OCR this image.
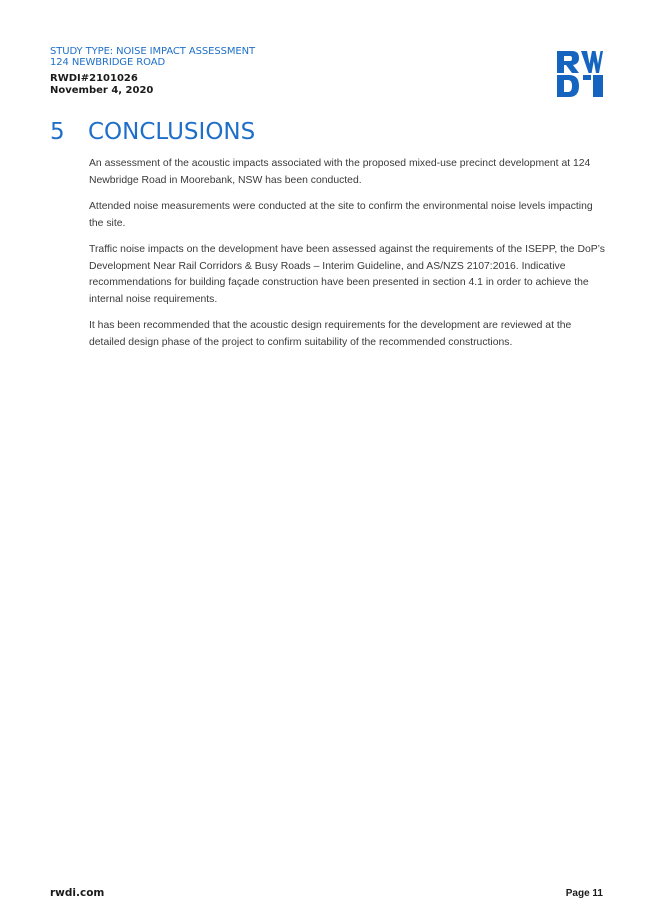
STUDY TYPE: NOISE IMPACT ASSESSMENT
124 NEWBRIDGE ROAD
RWDI#2101026
November 4, 2020
5 CONCLUSIONS

An assessment of the acoustic impacts associated with the proposed mixed-use precinct development at 124 Newbridge Road in Moorebank, NSW has been conducted.

Attended noise measurements were conducted at the site to confirm the environmental noise levels impacting the site.

Traffic noise impacts on the development have been assessed against the requirements of the ISEPP, the DoP’s Development Near Rail Corridors & Busy Roads – Interim Guideline, and AS/NZS 2107:2016. Indicative recommendations for building façade construction have been presented in section 4.1 in order to achieve the internal noise requirements.

It has been recommended that the acoustic design requirements for the development are reviewed at the detailed design phase of the project to confirm suitability of the recommended constructions.

rwdi.com	Page 11
